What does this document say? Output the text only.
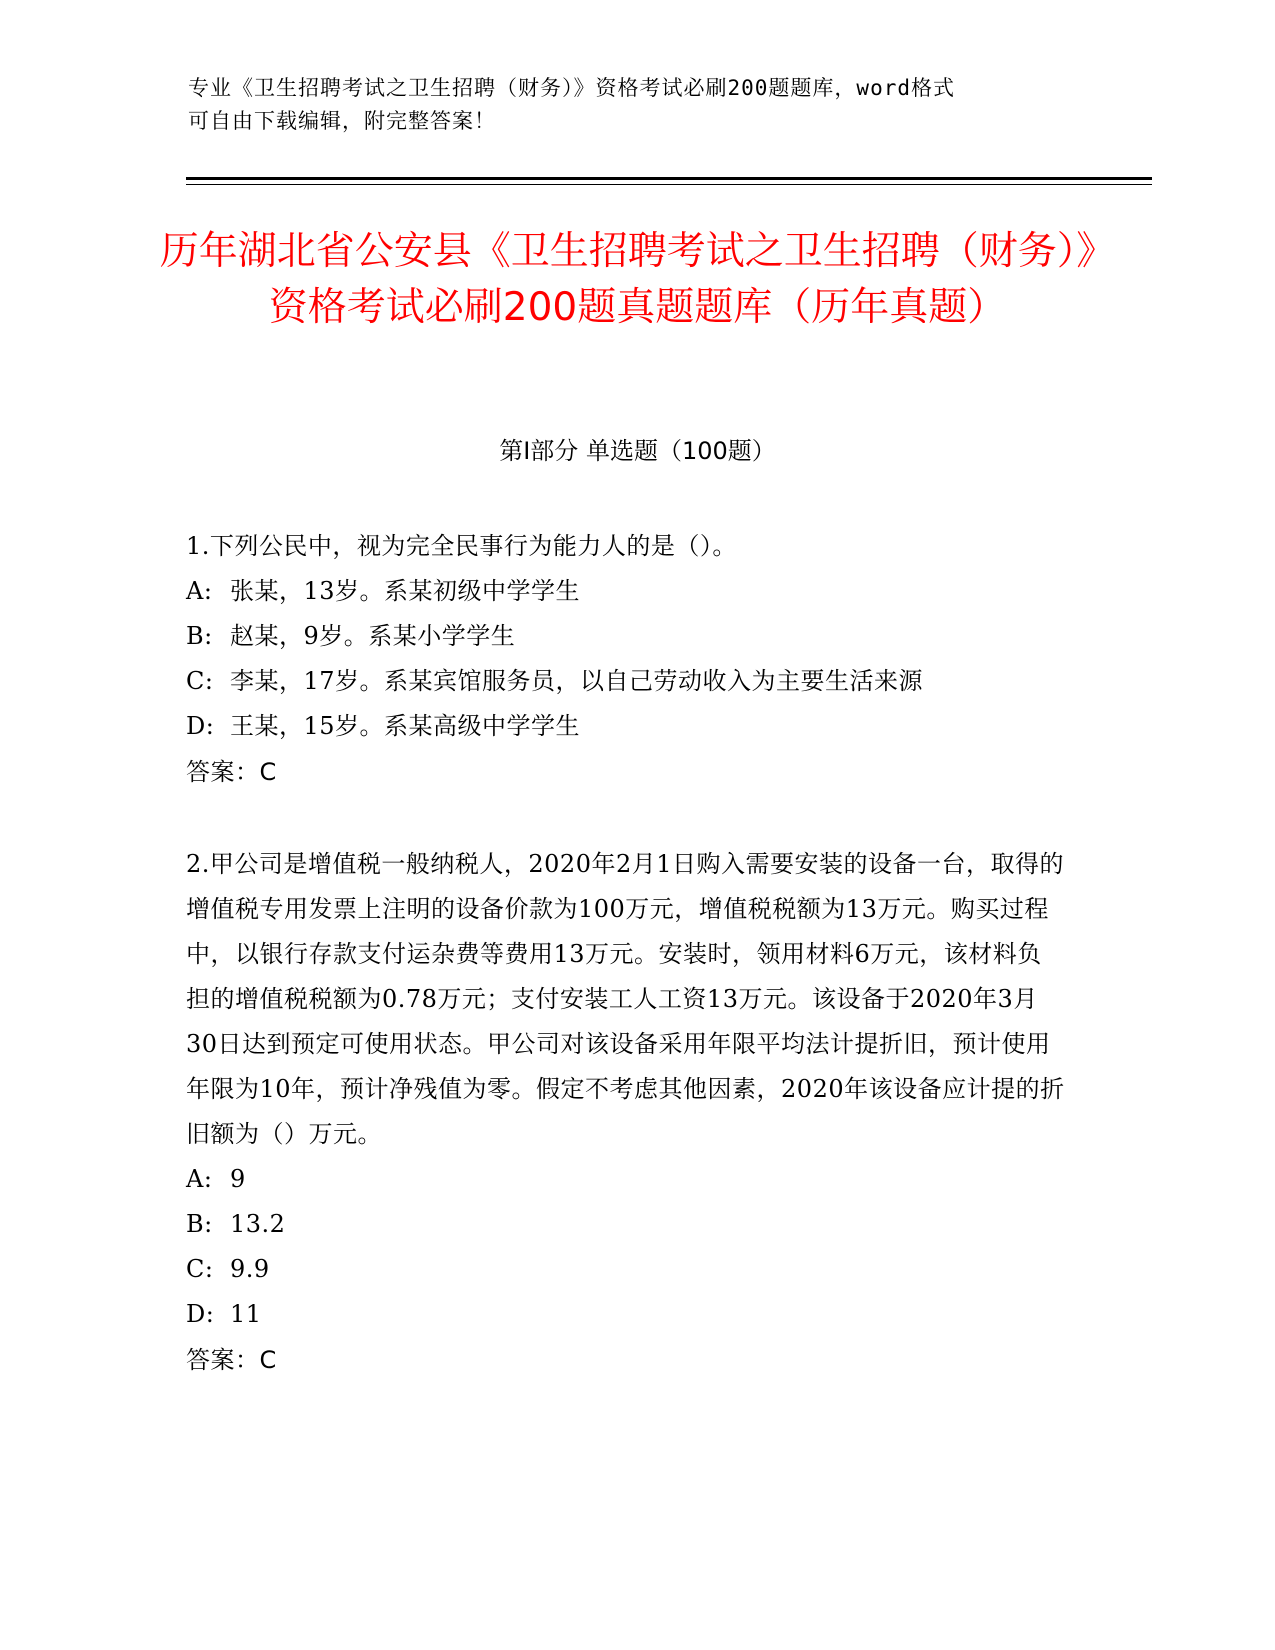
专业《卫生招聘考试之卫生招聘（财务）》资格考试必刷200题题库，word格式
可自由下载编辑，附完整答案！
历年湖北省公安县《卫生招聘考试之卫生招聘（财务）》资格考试必刷200题真题题库（历年真题）
第I部分 单选题（100题）
1.下列公民中，视为完全民事行为能力人的是（）。
A: 张某，13岁。系某初级中学学生
B: 赵某，9岁。系某小学学生
C: 李某，17岁。系某宾馆服务员，以自己劳动收入为主要生活来源
D: 王某，15岁。系某高级中学学生
答案：C
2.甲公司是增值税一般纳税人，2020年2月1日购入需要安装的设备一台，取得的增值税专用发票上注明的设备价款为100万元，增值税税额为13万元。购买过程中，以银行存款支付运杂费等费用13万元。安装时，领用材料6万元，该材料负担的增值税税额为0.78万元；支付安装工人工资13万元。该设备于2020年3月30日达到预定可使用状态。甲公司对该设备采用年限平均法计提折旧，预计使用年限为10年，预计净残值为零。假定不考虑其他因素，2020年该设备应计提的折旧额为（）万元。
A: 9
B: 13.2
C: 9.9
D: 11
答案：C
